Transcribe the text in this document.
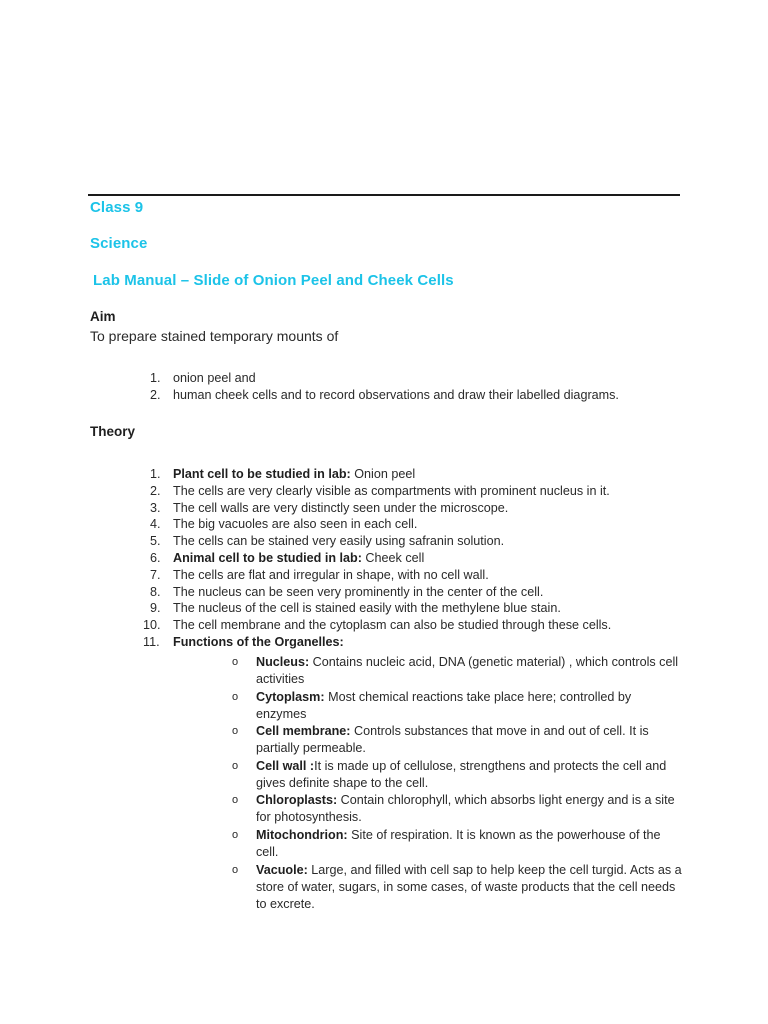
Class 9
Science
Lab Manual – Slide of Onion Peel and Cheek Cells
Aim
To prepare stained temporary mounts of
1. onion peel and
2. human cheek cells and to record observations and draw their labelled diagrams.
Theory
1. Plant cell to be studied in lab: Onion peel
2. The cells are very clearly visible as compartments with prominent nucleus in it.
3. The cell walls are very distinctly seen under the microscope.
4. The big vacuoles are also seen in each cell.
5. The cells can be stained very easily using safranin solution.
6. Animal cell to be studied in lab: Cheek cell
7. The cells are flat and irregular in shape, with no cell wall.
8. The nucleus can be seen very prominently in the center of the cell.
9. The nucleus of the cell is stained easily with the methylene blue stain.
10. The cell membrane and the cytoplasm can also be studied through these cells.
11. Functions of the Organelles:
o Nucleus: Contains nucleic acid, DNA (genetic material) , which controls cell activities
o Cytoplasm: Most chemical reactions take place here; controlled by enzymes
o Cell membrane: Controls substances that move in and out of cell. It is partially permeable.
o Cell wall :It is made up of cellulose, strengthens and protects the cell and gives definite shape to the cell.
o Chloroplasts: Contain chlorophyll, which absorbs light energy and is a site for photosynthesis.
o Mitochondrion: Site of respiration. It is known as the powerhouse of the cell.
o Vacuole: Large, and filled with cell sap to help keep the cell turgid. Acts as a store of water, sugars, in some cases, of waste products that the cell needs to excrete.
